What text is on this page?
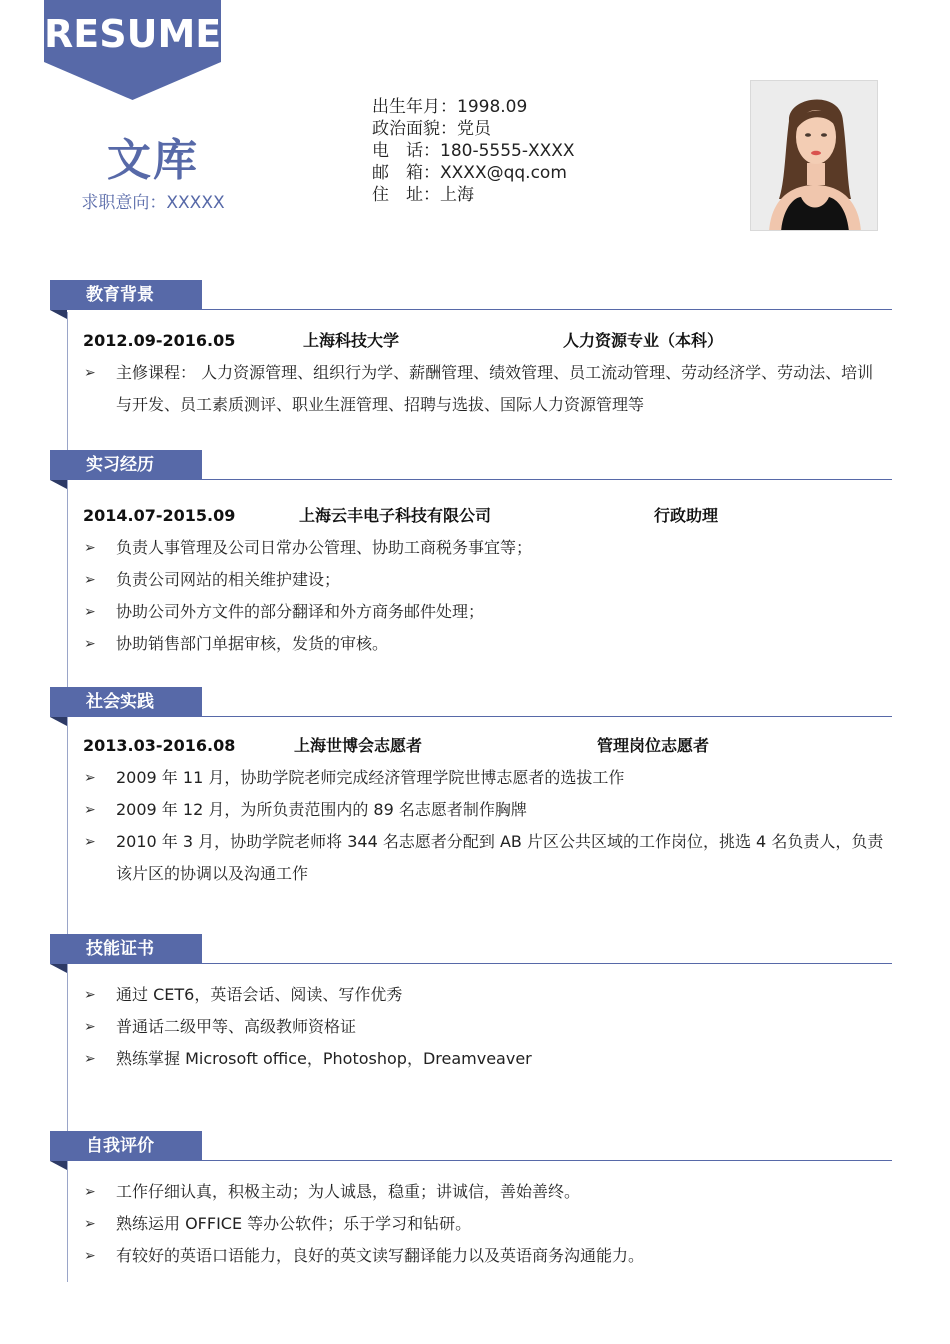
RESUME
文库
求职意向：XXXXX
出生年月：1998.09
政治面貌：党员
电　话：180-5555-XXXX
邮　箱：XXXX@qq.com
住　址：上海
教育背景
2012.09-2016.05	上海科技大学	人力资源专业（本科）
➢	主修课程： 人力资源管理、组织行为学、薪酬管理、绩效管理、员工流动管理、劳动经济学、劳动法、培训与开发、员工素质测评、职业生涯管理、招聘与选拔、国际人力资源管理等
实习经历
2014.07-2015.09	上海云丰电子科技有限公司	行政助理
➢	负责人事管理及公司日常办公管理、协助工商税务事宜等；
➢	负责公司网站的相关维护建设；
➢	协助公司外方文件的部分翻译和外方商务邮件处理；
➢	协助销售部门单据审核，发货的审核。
社会实践
2013.03-2016.08	上海世博会志愿者	管理岗位志愿者
➢	2009 年 11 月，协助学院老师完成经济管理学院世博志愿者的选拔工作
➢	2009 年 12 月，为所负责范围内的 89 名志愿者制作胸牌
➢	2010 年 3 月，协助学院老师将 344 名志愿者分配到 AB 片区公共区域的工作岗位，挑选 4 名负责人，负责该片区的协调以及沟通工作
技能证书
➢	通过 CET6，英语会话、阅读、写作优秀
➢	普通话二级甲等、高级教师资格证
➢	熟练掌握 Microsoft office，Photoshop，Dreamveaver
自我评价
➢	工作仔细认真，积极主动；为人诚恳，稳重；讲诚信，善始善终。
➢	熟练运用 OFFICE 等办公软件；乐于学习和钻研。
➢	有较好的英语口语能力，良好的英文读写翻译能力以及英语商务沟通能力。
